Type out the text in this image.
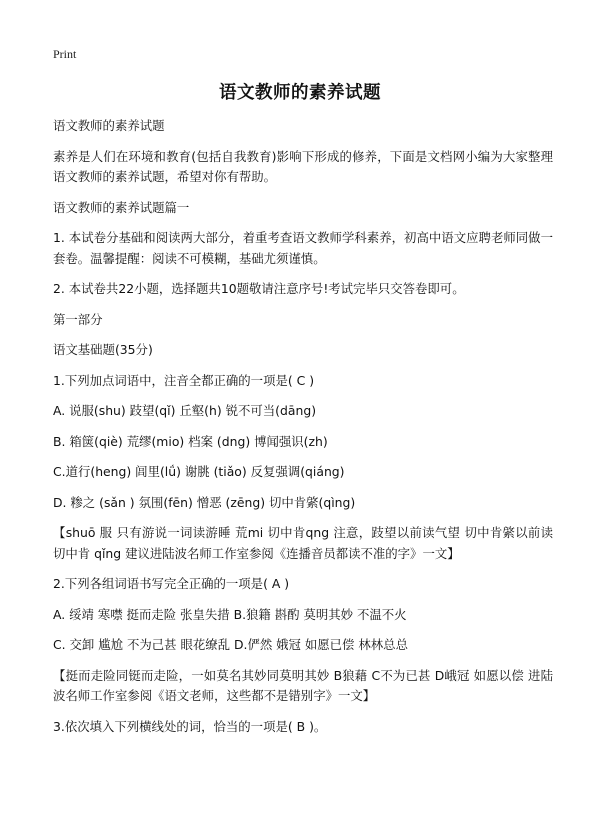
Print
语文教师的素养试题

语文教师的素养试题

素养是人们在环境和教育(包括自我教育)影响下形成的修养，下面是文档网小编为大家整理语文教师的素养试题，希望对你有帮助。

语文教师的素养试题篇一

1. 本试卷分基础和阅读两大部分，着重考查语文教师学科素养，初高中语文应聘老师同做一套卷。温馨提醒：阅读不可模糊，基础尤须谨慎。

2. 本试卷共22小题，选择题共10题敬请注意序号!考试完毕只交答卷即可。

第一部分

语文基础题(35分)

1.下列加点词语中，注音全都正确的一项是( C )

A. 说服(shu) 跂望(qǐ) 丘壑(h) 锐不可当(dāng)

B. 箱箧(qiè) 荒缪(mio) 档案 (dng) 博闻强识(zh)

C.道行(heng) 闾里(lǘ) 谢朓 (tiǎo) 反复强调(qiáng)

D. 糁之 (sǎn ) 氛围(fēn) 憎恶 (zēng) 切中肯綮(qìng)

【shuō 服 只有游说一词读游睡 荒mi 切中肯qng 注意，跂望以前读气望 切中肯綮以前读切中肯 qǐng 建议进陆波名师工作室参阅《连播音员都读不准的字》一文】

2.下列各组词语书写完全正确的一项是( A )

A. 绥靖 寒噤 挺而走险 张皇失措 B.狼籍 斟酌 莫明其妙 不温不火

C. 交卸 尴尬 不为己甚 眼花缭乱 D.俨然 娥冠 如愿已偿 林林总总

【挺而走险同铤而走险，一如莫名其妙同莫明其妙 B狼藉 C不为已甚 D峨冠 如愿以偿 进陆波名师工作室参阅《语文老师，这些都不是错别字》一文】

3.依次填入下列横线处的词，恰当的一项是( B )。
